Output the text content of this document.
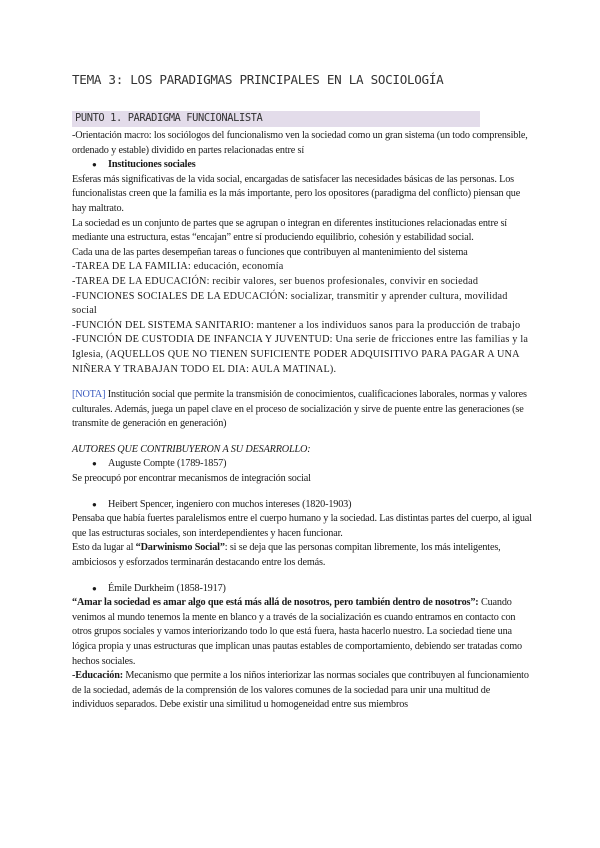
TEMA 3: LOS PARADIGMAS PRINCIPALES EN LA SOCIOLOGÍA
PUNTO 1. PARADIGMA FUNCIONALISTA

-Orientación macro: los sociólogos del funcionalismo ven la sociedad como un gran sistema (un todo comprensible, ordenado y estable) dividido en partes relacionadas entre sí

● Instituciones sociales

Esferas más significativas de la vida social, encargadas de satisfacer las necesidades básicas de las personas. Los funcionalistas creen que la familia es la más importante, pero los opositores (paradigma del conflicto) piensan que hay maltrato.

La sociedad es un conjunto de partes que se agrupan o integran en diferentes instituciones relacionadas entre sí mediante una estructura, estas “encajan” entre sí produciendo equilibrio, cohesión y estabilidad social.

Cada una de las partes desempeñan tareas o funciones que contribuyen al mantenimiento del sistema

-TAREA DE LA FAMILIA: educación, economía

-TAREA DE LA EDUCACIÓN: recibir valores, ser buenos profesionales, convivir en sociedad

-FUNCIONES SOCIALES DE LA EDUCACIÓN: socializar, transmitir y aprender cultura, movilidad social

-FUNCIÓN DEL SISTEMA SANITARIO: mantener a los individuos sanos para la producción de trabajo

-FUNCIÓN DE CUSTODIA DE INFANCIA Y JUVENTUD: Una serie de fricciones entre las familias y la Iglesia, (AQUELLOS QUE NO TIENEN SUFICIENTE PODER ADQUISITIVO PARA PAGAR A UNA NIÑERA Y TRABAJAN TODO EL DIA: AULA MATINAL).

[NOTA] Institución social que permite la transmisión de conocimientos, cualificaciones laborales, normas y valores culturales. Además, juega un papel clave en el proceso de socialización y sirve de puente entre las generaciones (se transmite de generación en generación)

AUTORES QUE CONTRIBUYERON A SU DESARROLLO:

● Auguste Compte (1789-1857)

Se preocupó por encontrar mecanismos de integración social

● Heibert Spencer, ingeniero con muchos intereses (1820-1903)

Pensaba que había fuertes paralelismos entre el cuerpo humano y la sociedad. Las distintas partes del cuerpo, al igual que las estructuras sociales, son interdependientes y hacen funcionar.

Esto da lugar al “Darwinismo Social”: si se deja que las personas compitan libremente, los más inteligentes, ambiciosos y esforzados terminarán destacando entre los demás.

● Émile Durkheim (1858-1917)

“Amar la sociedad es amar algo que está más allá de nosotros, pero también dentro de nosotros”: Cuando venimos al mundo tenemos la mente en blanco y a través de la socialización es cuando entramos en contacto con otros grupos sociales y vamos interiorizando todo lo que está fuera, hasta hacerlo nuestro. La sociedad tiene una lógica propia y unas estructuras que implican unas pautas estables de comportamiento, debiendo ser tratadas como hechos sociales.

-Educación: Mecanismo que permite a los niños interiorizar las normas sociales que contribuyen al funcionamiento de la sociedad, además de la comprensión de los valores comunes de la sociedad para unir una multitud de individuos separados. Debe existir una similitud u homogeneidad entre sus miembros
